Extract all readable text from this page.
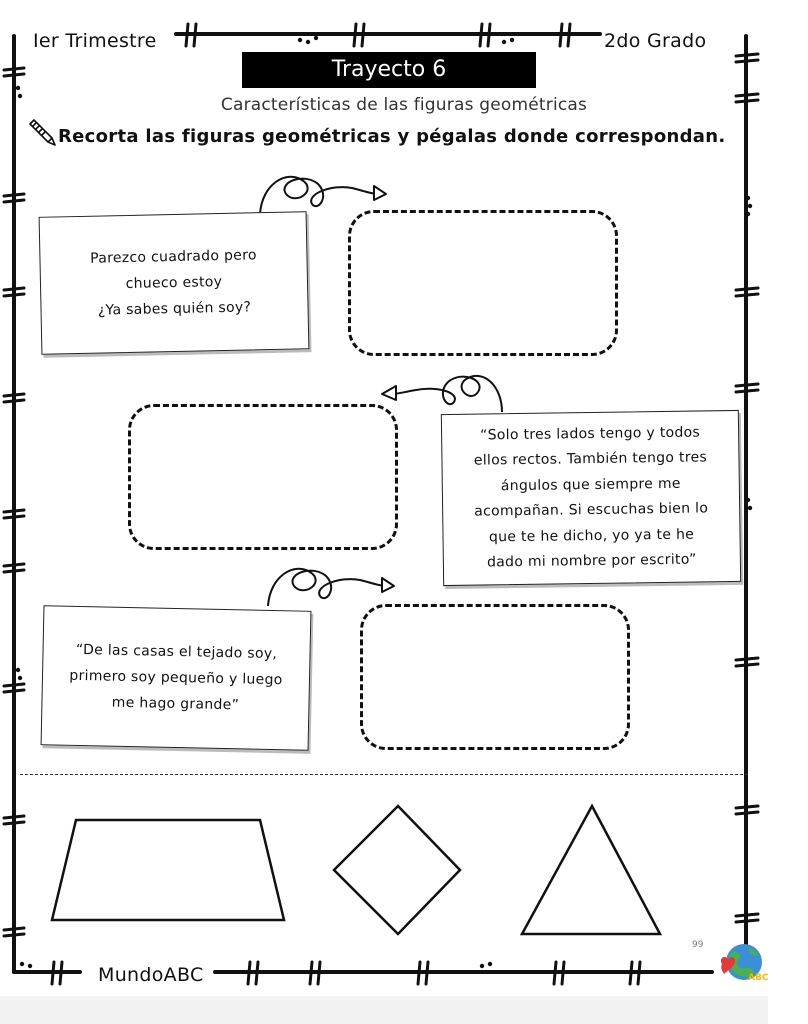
Ier Trimestre	2do Grado
Trayecto 6
Características de las figuras geométricas
Recorta las figuras geométricas y pégalas donde correspondan.
Parezco cuadrado pero
chueco estoy
¿Ya sabes quién soy?
“Solo tres lados tengo y todos
ellos rectos. También tengo tres
ángulos que siempre me
acompañan. Si escuchas bien lo
que te he dicho, yo ya te he
dado mi nombre por escrito”
“De las casas el tejado soy,
primero soy pequeño y luego
me hago grande”
99
MundoABC	ABC
